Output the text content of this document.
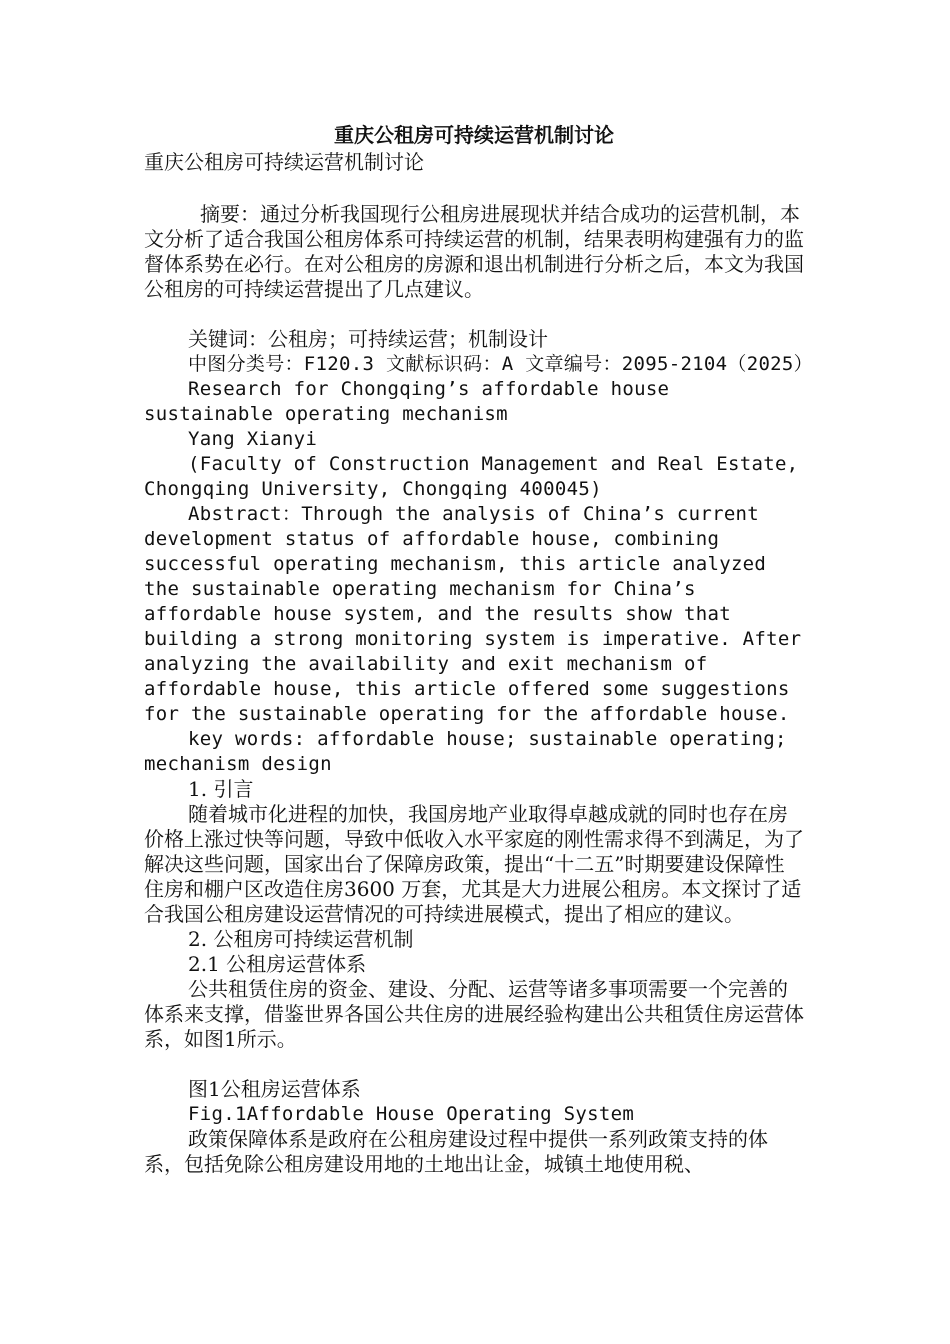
重庆公租房可持续运营机制讨论

重庆公租房可持续运营机制讨论

摘要：通过分析我国现行公租房进展现状并结合成功的运营机制，本文分析了适合我国公租房体系可持续运营的机制，结果表明构建强有力的监督体系势在必行。在对公租房的房源和退出机制进行分析之后，本文为我国公租房的可持续运营提出了几点建议。

关键词：公租房；可持续运营；机制设计

中图分类号：F120.3 文献标识码：A 文章编号：2095-2104（2025）

Research for Chongqing’s affordable house sustainable operating mechanism

Yang Xianyi

(Faculty of Construction Management and Real Estate, Chongqing University, Chongqing 400045)

Abstract：Through the analysis of China’s current development status of affordable house, combining successful operating mechanism, this article analyzed the sustainable operating mechanism for China’s affordable house system, and the results show that building a strong monitoring system is imperative. After analyzing the availability and exit mechanism of affordable house, this article offered some suggestions for the sustainable operating for the affordable house.

key words: affordable house; sustainable operating; mechanism design

1. 引言

随着城市化进程的加快，我国房地产业取得卓越成就的同时也存在房价格上涨过快等问题，导致中低收入水平家庭的刚性需求得不到满足，为了解决这些问题，国家出台了保障房政策，提出“十二五”时期要建设保障性住房和棚户区改造住房3600 万套，尤其是大力进展公租房。本文探讨了适合我国公租房建设运营情况的可持续进展模式，提出了相应的建议。

2. 公租房可持续运营机制

2.1 公租房运营体系

公共租赁住房的资金、建设、分配、运营等诸多事项需要一个完善的体系来支撑，借鉴世界各国公共住房的进展经验构建出公共租赁住房运营体系，如图1所示。

图1公租房运营体系

Fig.1Affordable House Operating System

政策保障体系是政府在公租房建设过程中提供一系列政策支持的体系，包括免除公租房建设用地的土地出让金，城镇土地使用税、
